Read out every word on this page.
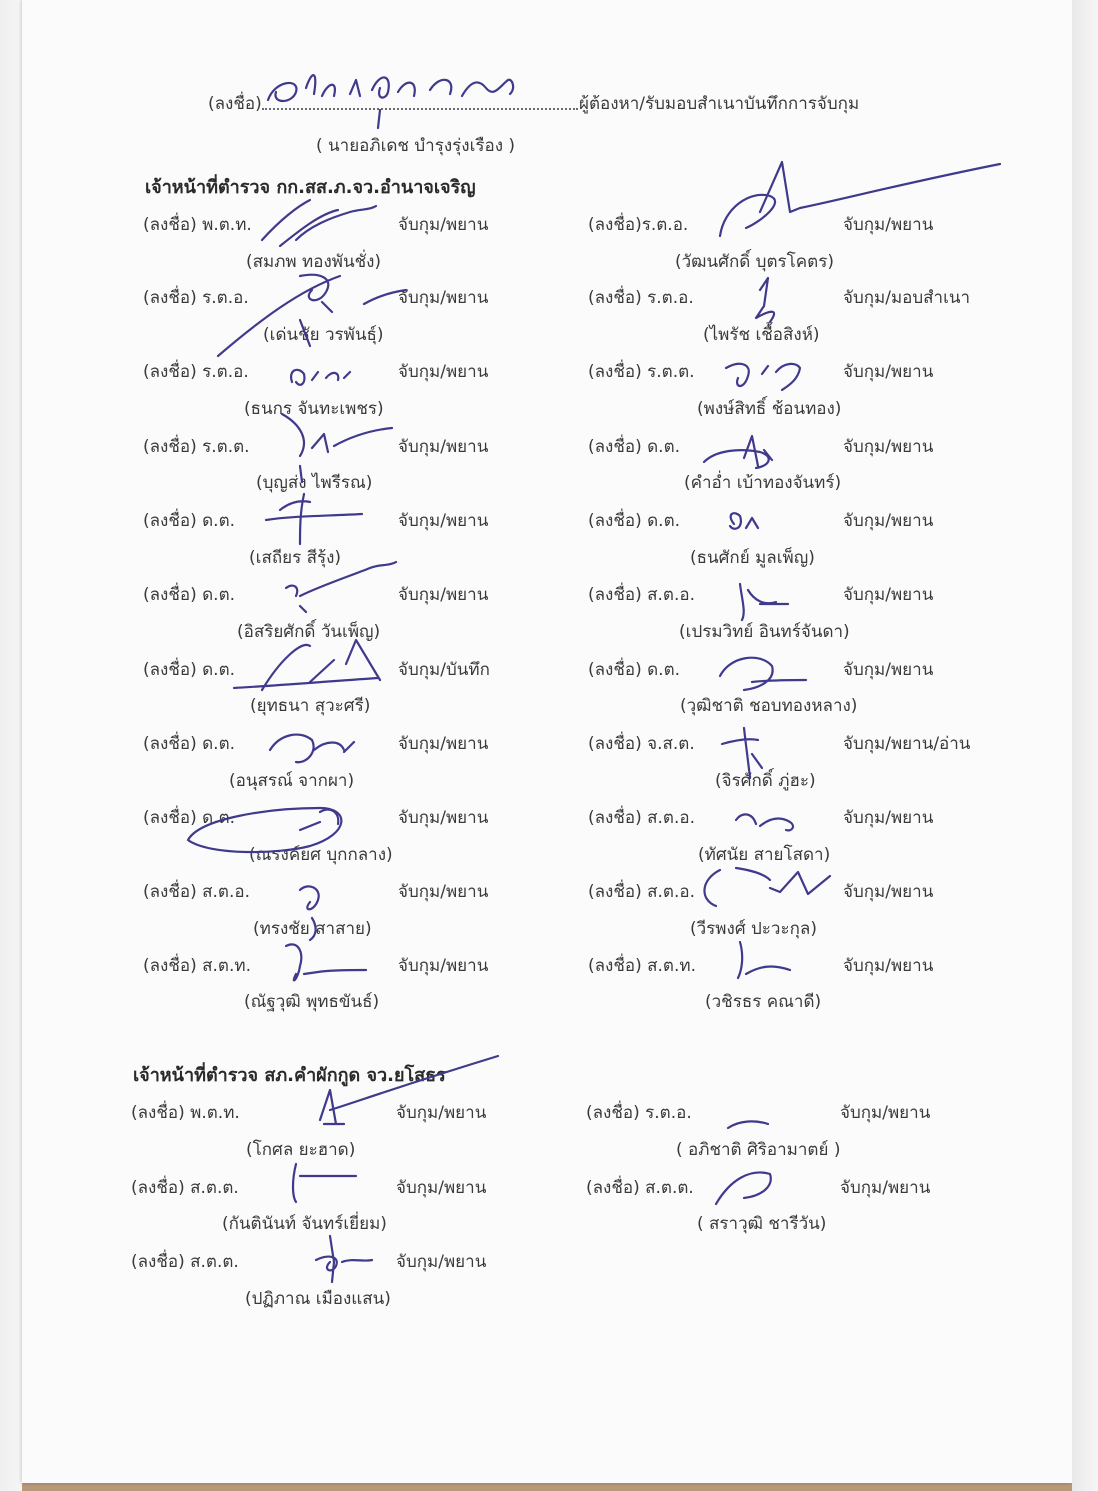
(ลงชื่อ)	ผู้ต้องหา/รับมอบสำเนาบันทึกการจับกุม
( นายอภิเดช บำรุงรุ่งเรือง )
เจ้าหน้าที่ตำรวจ กก.สส.ภ.จว.อำนาจเจริญ
(ลงชื่อ) พ.ต.ท.	จับกุม/พยาน
(สมภพ ทองพันชั่ง)
(ลงชื่อ)ร.ต.อ.	จับกุม/พยาน
(วัฒนศักดิ์ บุตรโคตร)
(ลงชื่อ) ร.ต.อ.	จับกุม/พยาน
(เด่นชัย วรพันธุ์)
(ลงชื่อ) ร.ต.อ.	จับกุม/มอบสำเนา
(ไพรัช เชื้อสิงห์)
(ลงชื่อ) ร.ต.อ.	จับกุม/พยาน
(ธนกร จันทะเพชร)
(ลงชื่อ) ร.ต.ต.	จับกุม/พยาน
(พงษ์สิทธิ์ ช้อนทอง)
(ลงชื่อ) ร.ต.ต.	จับกุม/พยาน
(บุญส่ง ไพรีรณ)
(ลงชื่อ) ด.ต.	จับกุม/พยาน
(คำอ่ำ เบ้าทองจันทร์)
(ลงชื่อ) ด.ต.	จับกุม/พยาน
(เสถียร สีรุ้ง)
(ลงชื่อ) ด.ต.	จับกุม/พยาน
(ธนศักย์ มูลเพ็ญ)
(ลงชื่อ) ด.ต.	จับกุม/พยาน
(อิสริยศักดิ์ วันเพ็ญ)
(ลงชื่อ) ส.ต.อ.	จับกุม/พยาน
(เปรมวิทย์ อินทร์จันดา)
(ลงชื่อ) ด.ต.	จับกุม/บันทึก
(ยุทธนา สุวะศรี)
(ลงชื่อ) ด.ต.	จับกุม/พยาน
(วุฒิชาติ ชอบทองหลาง)
(ลงชื่อ) ด.ต.	จับกุม/พยาน
(อนุสรณ์ จากผา)
(ลงชื่อ) จ.ส.ต.	จับกุม/พยาน/อ่าน
(จิรศักดิ์ ภู่ฮะ)
(ลงชื่อ) ด.ต.	จับกุม/พยาน
(ณรงค์ยศ บุกกลาง)
(ลงชื่อ) ส.ต.อ.	จับกุม/พยาน
(ทัศนัย สายโสดา)
(ลงชื่อ) ส.ต.อ.	จับกุม/พยาน
(ทรงชัย สาสาย)
(ลงชื่อ) ส.ต.อ.	จับกุม/พยาน
(วีรพงศ์ ปะวะกุล)
(ลงชื่อ) ส.ต.ท.	จับกุม/พยาน
(ณัฐวุฒิ พุทธขันธ์)
(ลงชื่อ) ส.ต.ท.	จับกุม/พยาน
(วชิรธร คณาดี)
เจ้าหน้าที่ตำรวจ สภ.คำผักกูด จว.ยโสธร
(ลงชื่อ) พ.ต.ท.	จับกุม/พยาน
(โกศล ยะฮาด)
(ลงชื่อ) ร.ต.อ.	จับกุม/พยาน
( อภิชาติ ศิริอามาตย์ )
(ลงชื่อ) ส.ต.ต.	จับกุม/พยาน
(กันตินันท์ จันทร์เยี่ยม)
(ลงชื่อ) ส.ต.ต.	จับกุม/พยาน
( สราวุฒิ ชารีวัน)
(ลงชื่อ) ส.ต.ต.	จับกุม/พยาน
(ปฏิภาณ เมืองแสน)
